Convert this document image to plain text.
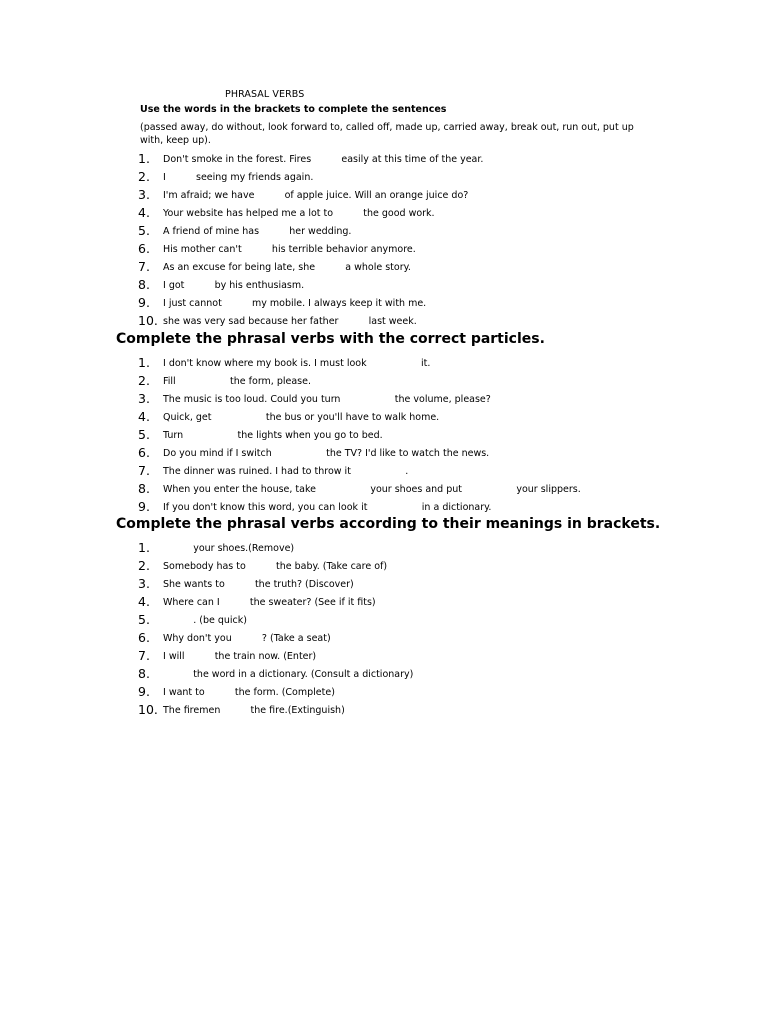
PHRASAL VERBS
Use the words in the brackets to complete the sentences
(passed away, do without, look forward to, called off, made up, carried away, break out, run out, put up with, keep up).
1. Don't smoke in the forest. Fires          easily at this time of the year.
2. I          seeing my friends again.
3. I'm afraid; we have          of apple juice. Will an orange juice do?
4. Your website has helped me a lot to          the good work.
5. A friend of mine has          her wedding.
6. His mother can't          his terrible behavior anymore.
7. As an excuse for being late, she          a whole story.
8. I got          by his enthusiasm.
9. I just cannot          my mobile. I always keep it with me.
10. she was very sad because her father          last week.
Complete the phrasal verbs with the correct particles.
1. I don't know where my book is. I must look                  it.
2. Fill                  the form, please.
3. The music is too loud. Could you turn                  the volume, please?
4. Quick, get                  the bus or you'll have to walk home.
5. Turn                  the lights when you go to bed.
6. Do you mind if I switch                  the TV? I'd like to watch the news.
7. The dinner was ruined. I had to throw it                  .
8. When you enter the house, take                  your shoes and put                  your slippers.
9. If you don't know this word, you can look it                  in a dictionary.
Complete the phrasal verbs according to their meanings in brackets.
1. your shoes.(Remove)
2. Somebody has to          the baby. (Take care of)
3. She wants to          the truth? (Discover)
4. Where can I          the sweater? (See if it fits)
5. . (be quick)
6. Why don't you          ? (Take a seat)
7. I will          the train now. (Enter)
8. the word in a dictionary. (Consult a dictionary)
9. I want to          the form. (Complete)
10. The firemen          the fire.(Extinguish)
